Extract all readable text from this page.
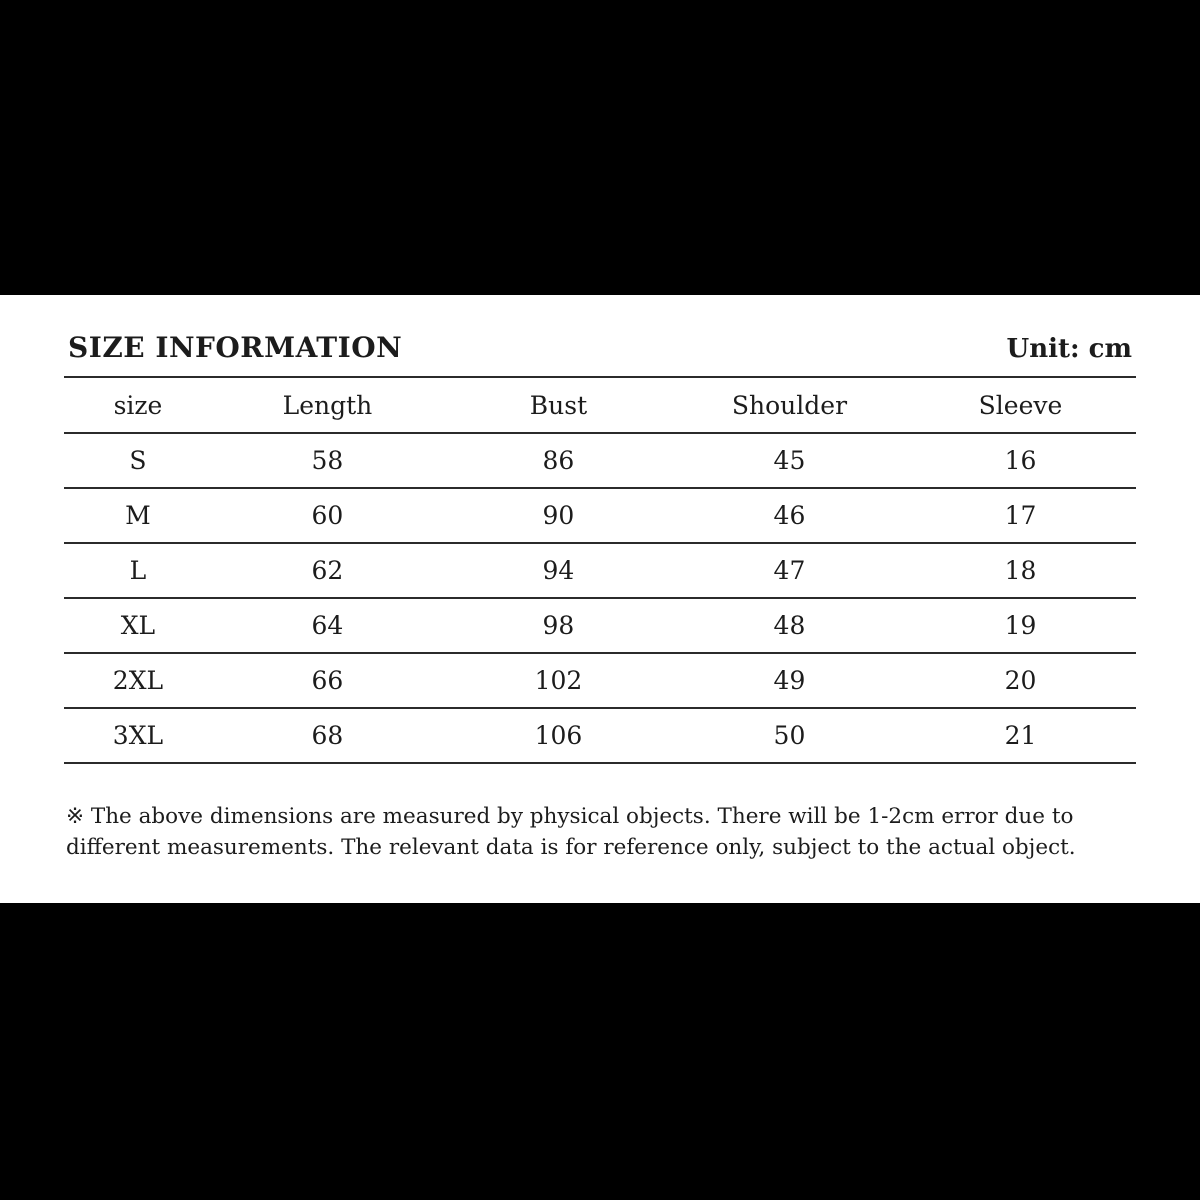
SIZE INFORMATION	Unit: cm
size	Length	Bust	Shoulder	Sleeve
S	58	86	45	16
M	60	90	46	17
L	62	94	47	18
XL	64	98	48	19
2XL	66	102	49	20
3XL	68	106	50	21

※ The above dimensions are measured by physical objects. There will be 1-2cm error due to different measurements. The relevant data is for reference only, subject to the actual object.
